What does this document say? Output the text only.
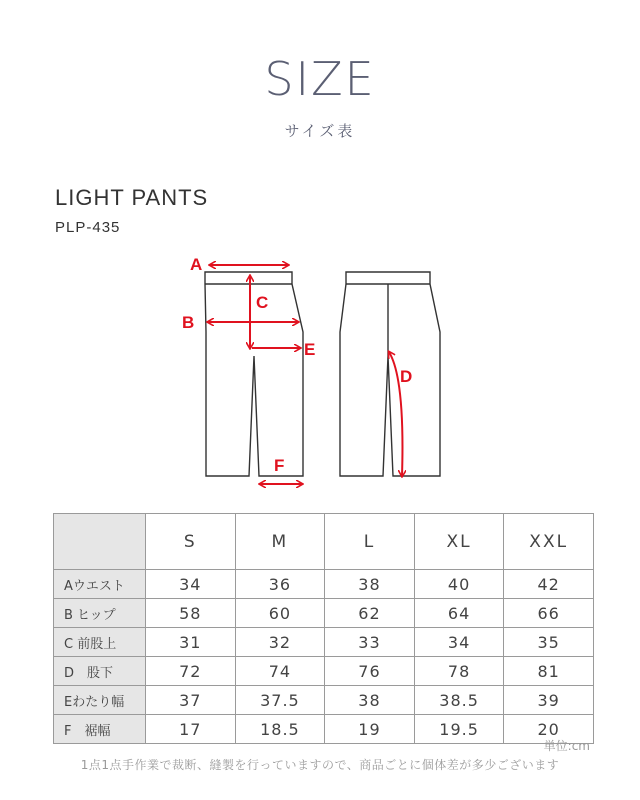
SIZE
サイズ表
LIGHT PANTS
PLP-435
A
B
C
E
D
F
	S	M	L	XL	XXL
Aウエスト	34	36	38	40	42
B ヒップ	58	60	62	64	66
C 前股上	31	32	33	34	35
D　股下	72	74	76	78	81
Eわたり幅	37	37.5	38	38.5	39
F　裾幅	17	18.5	19	19.5	20
単位:cm
1点1点手作業で裁断、縫製を行っていますので、商品ごとに個体差が多少ございます
